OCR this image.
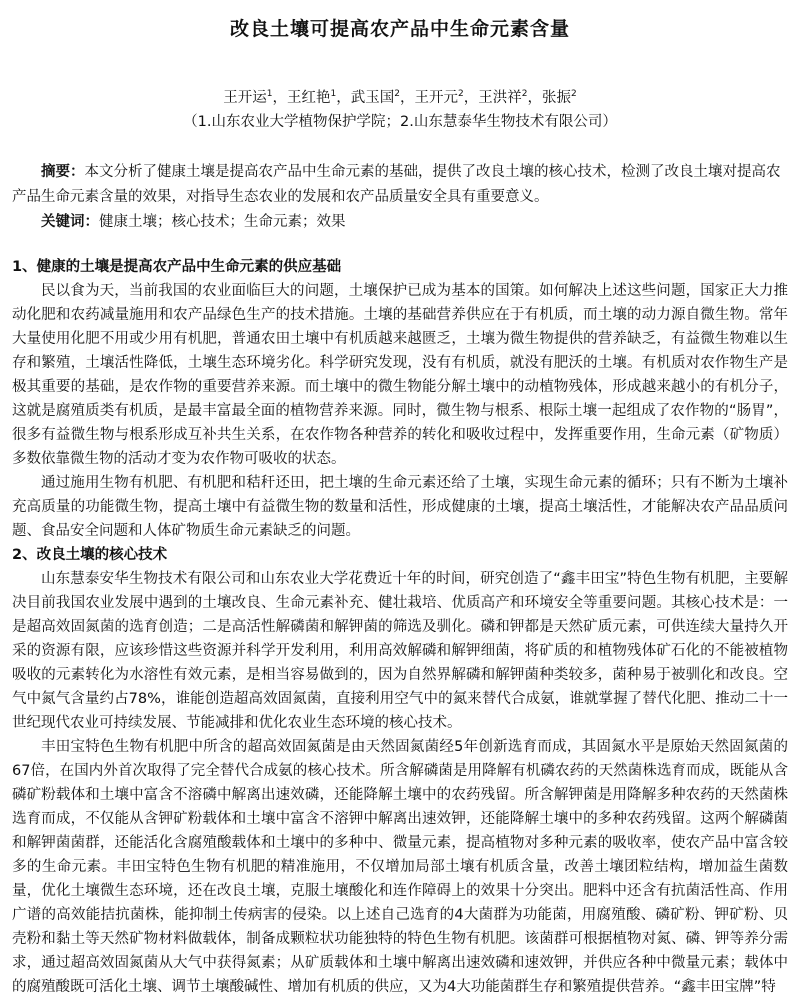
改良土壤可提高农产品中生命元素含量
王开运$^1$，王红艳$^1$，武玉国$^2$，王开元$^2$，王洪祥$^2$，张振$^2$
（1.山东农业大学植物保护学院；2.山东慧泰华生物技术有限公司）

摘要：本文分析了健康土壤是提高农产品中生命元素的基础，提供了改良土壤的核心技术，检测了改良土壤对提高农产品生命元素含量的效果，对指导生态农业的发展和农产品质量安全具有重要意义。

关键词：健康土壤；核心技术；生命元素；效果

1、健康的土壤是提高农产品中生命元素的供应基础

民以食为天，当前我国的农业面临巨大的问题，土壤保护已成为基本的国策。如何解决上述这些问题，国家正大力推动化肥和农药减量施用和农产品绿色生产的技术措施。土壤的基础营养供应在于有机质，而土壤的动力源自微生物。常年大量使用化肥不用或少用有机肥，普通农田土壤中有机质越来越匮乏，土壤为微生物提供的营养缺乏，有益微生物难以生存和繁殖，土壤活性降低，土壤生态环境劣化。科学研究发现，没有有机质，就没有肥沃的土壤。有机质对农作物生产是极其重要的基础，是农作物的重要营养来源。而土壤中的微生物能分解土壤中的动植物残体，形成越来越小的有机分子，这就是腐殖质类有机质，是最丰富最全面的植物营养来源。同时，微生物与根系、根际土壤一起组成了农作物的“肠胃”，很多有益微生物与根系形成互补共生关系，在农作物各种营养的转化和吸收过程中，发挥重要作用，生命元素（矿物质）多数依靠微生物的活动才变为农作物可吸收的状态。

通过施用生物有机肥、有机肥和秸秆还田，把土壤的生命元素还给了土壤，实现生命元素的循环；只有不断为土壤补充高质量的功能微生物，提高土壤中有益微生物的数量和活性，形成健康的土壤，提高土壤活性，才能解决农产品品质问题、食品安全问题和人体矿物质生命元素缺乏的问题。

2、改良土壤的核心技术

山东慧泰安华生物技术有限公司和山东农业大学花费近十年的时间，研究创造了“鑫丰田宝”特色生物有机肥，主要解决目前我国农业发展中遇到的土壤改良、生命元素补充、健壮栽培、优质高产和环境安全等重要问题。其核心技术是：一是超高效固氮菌的选育创造；二是高活性解磷菌和解钾菌的筛选及驯化。磷和钾都是天然矿质元素，可供连续大量持久开采的资源有限，应该珍惜这些资源并科学开发利用，利用高效解磷和解钾细菌，将矿质的和植物残体矿石化的不能被植物吸收的元素转化为水溶性有效元素，是相当容易做到的，因为自然界解磷和解钾菌种类较多，菌种易于被驯化和改良。空气中氮气含量约占78%，谁能创造超高效固氮菌，直接利用空气中的氮来替代合成氨，谁就掌握了替代化肥、推动二十一世纪现代农业可持续发展、节能减排和优化农业生态环境的核心技术。

丰田宝特色生物有机肥中所含的超高效固氮菌是由天然固氮菌经5年创新选育而成，其固氮水平是原始天然固氮菌的67倍，在国内外首次取得了完全替代合成氨的核心技术。所含解磷菌是用降解有机磷农药的天然菌株选育而成，既能从含磷矿粉载体和土壤中富含不溶磷中解离出速效磷，还能降解土壤中的农药残留。所含解钾菌是用降解多种农药的天然菌株选育而成，不仅能从含钾矿粉载体和土壤中富含不溶钾中解离出速效钾，还能降解土壤中的多种农药残留。这两个解磷菌和解钾菌菌群，还能活化含腐殖酸载体和土壤中的多种中、微量元素，提高植物对多种元素的吸收率，使农产品中富含较多的生命元素。丰田宝特色生物有机肥的精准施用，不仅增加局部土壤有机质含量，改善土壤团粒结构，增加益生菌数量，优化土壤微生态环境，还在改良土壤，克服土壤酸化和连作障碍上的效果十分突出。肥料中还含有抗菌活性高、作用广谱的高效能拮抗菌株，能抑制土传病害的侵染。以上述自己选育的4大菌群为功能菌，用腐殖酸、磷矿粉、钾矿粉、贝壳粉和黏土等天然矿物材料做载体，制备成颗粒状功能独特的特色生物有机肥。该菌群可根据植物对氮、磷、钾等养分需求，通过超高效固氮菌从大气中获得氮素；从矿质载体和土壤中解离出速效磷和速效钾，并供应各种中微量元素；载体中的腐殖酸既可活化土壤、调节土壤酸碱性、增加有机质的供应，又为4大功能菌群生存和繁殖提供营养。“鑫丰田宝牌”特
